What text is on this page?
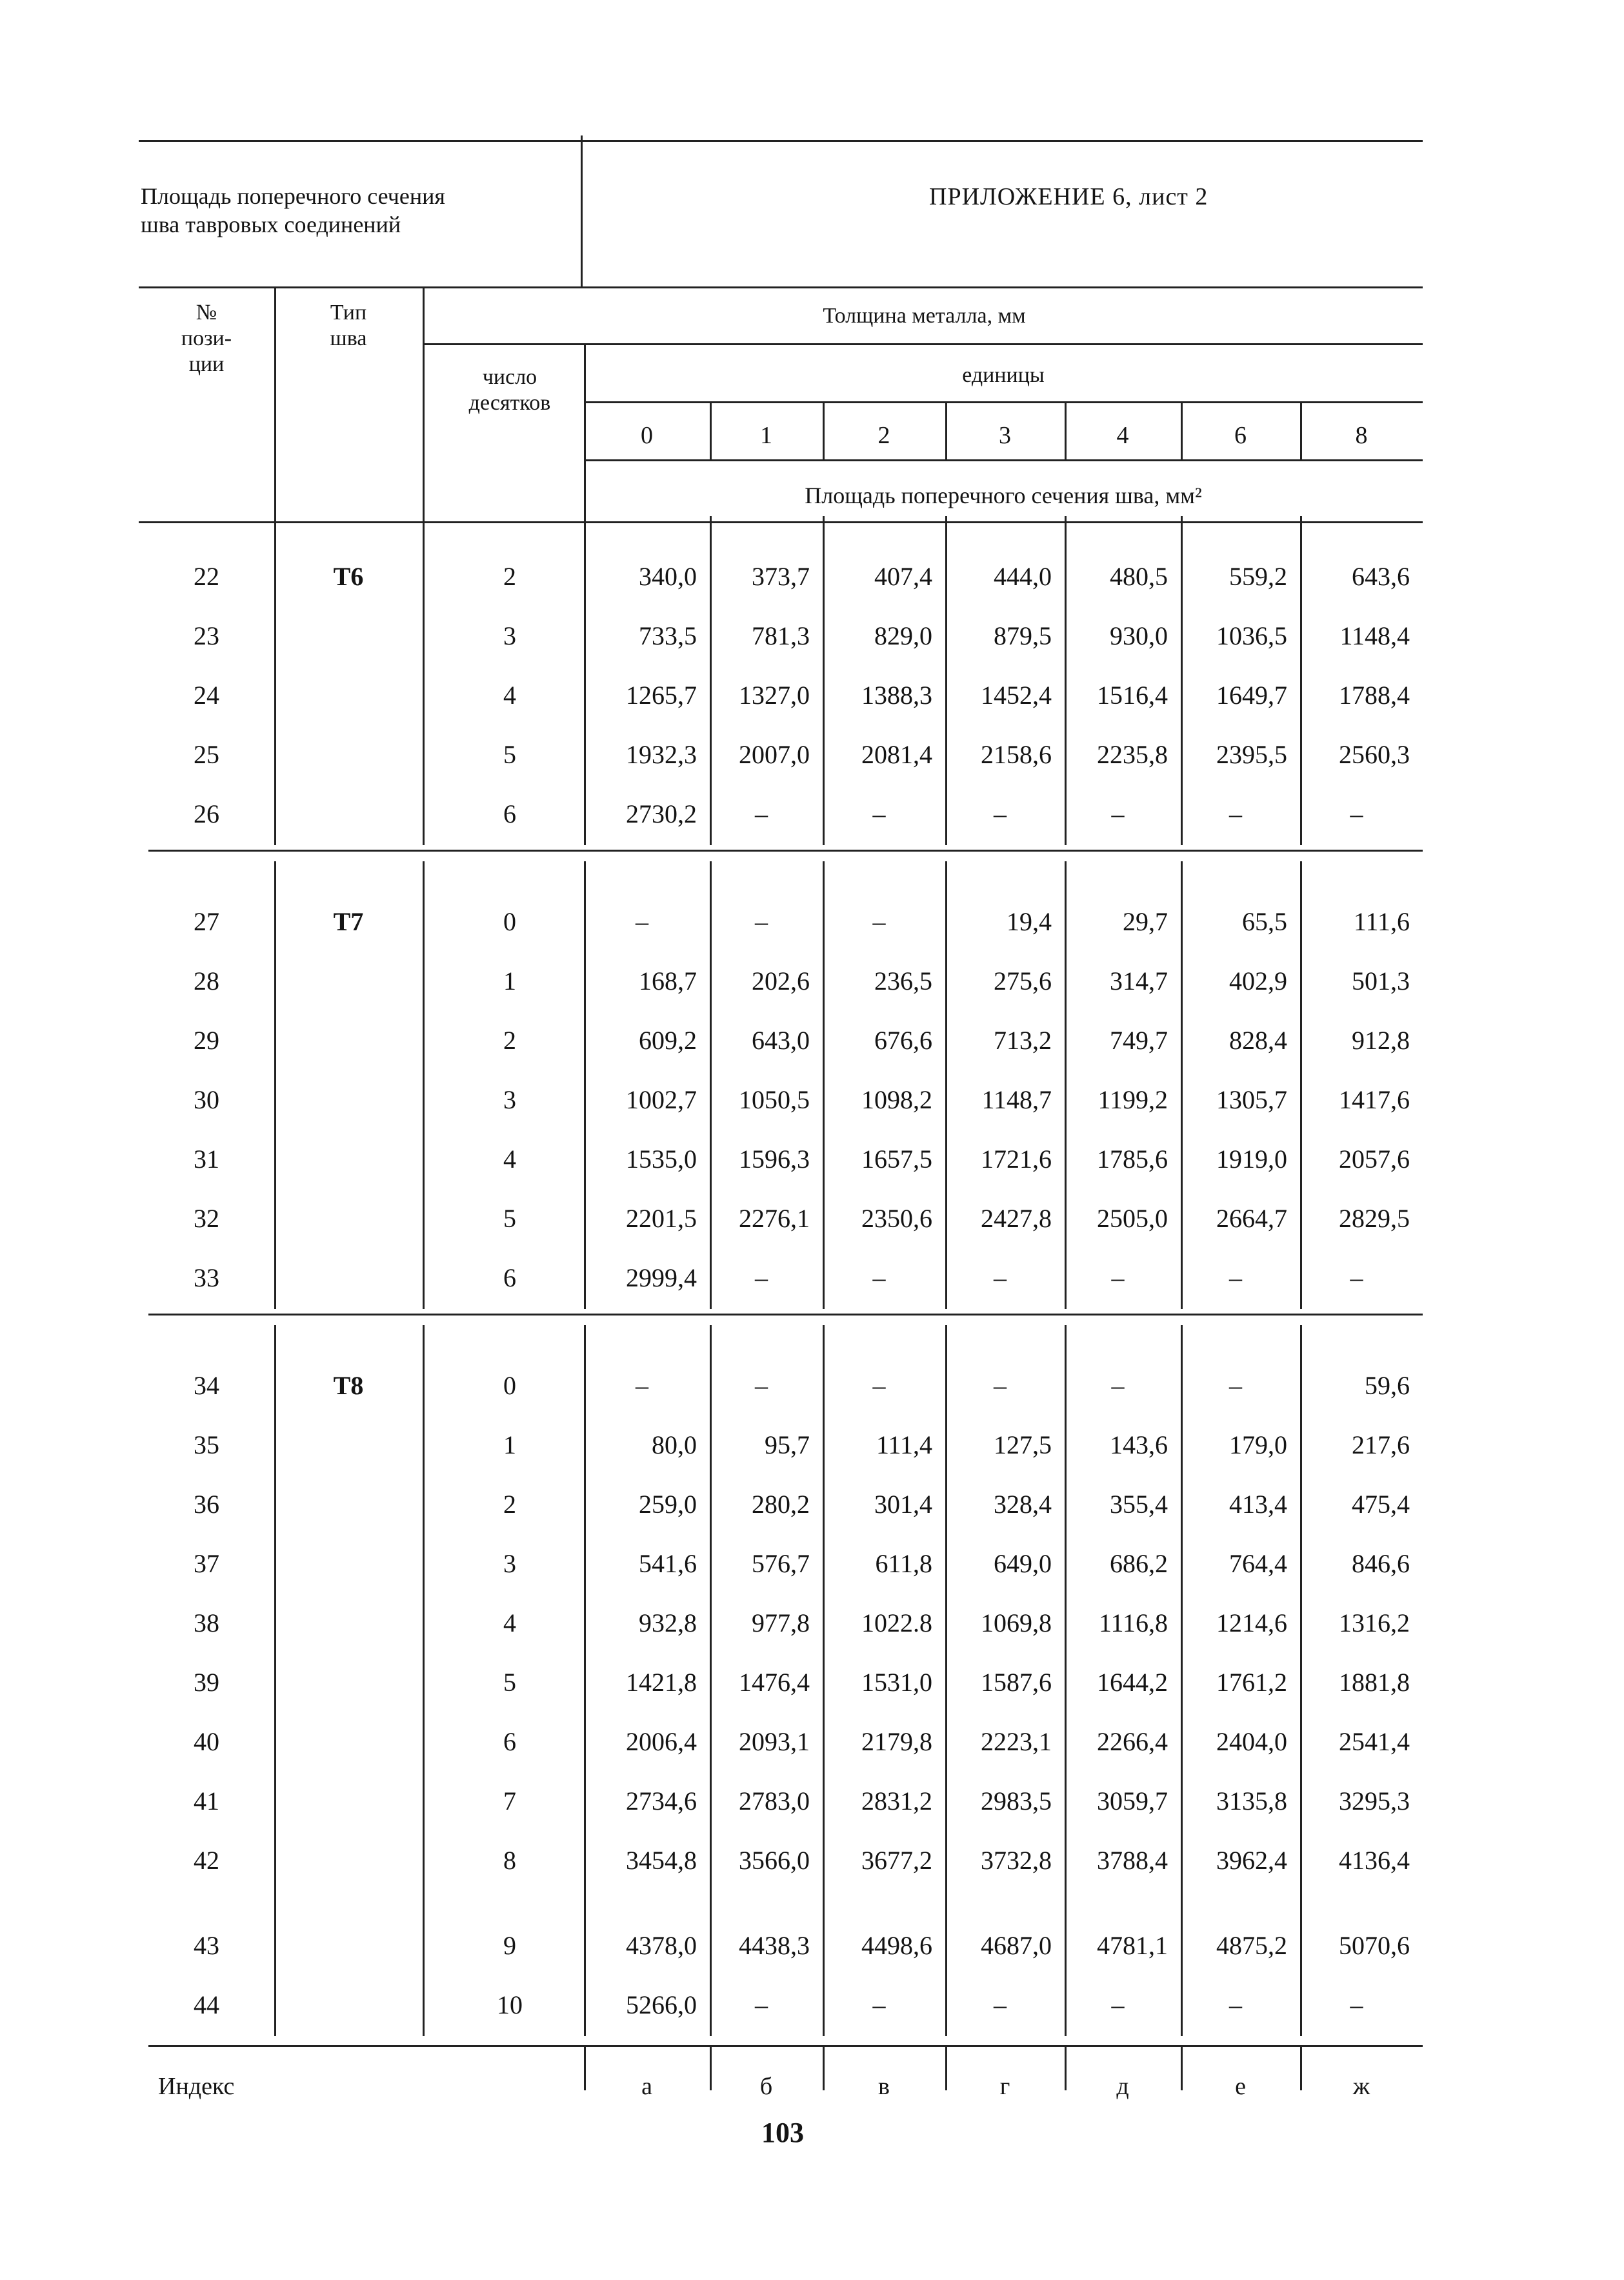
Площадь поперечного сечения
шва тавровых соединений
ПРИЛОЖЕНИЕ 6, лист 2
№
пози-
ции
Тип
шва
Толщина металла, мм
число
десятков
единицы
0	1	2	3	4	6	8
Площадь поперечного сечения шва, мм²
22	Т6	2	340,0	373,7	407,4	444,0	480,5	559,2	643,6
23	3	733,5	781,3	829,0	879,5	930,0	1036,5	1148,4
24	4	1265,7	1327,0	1388,3	1452,4	1516,4	1649,7	1788,4
25	5	1932,3	2007,0	2081,4	2158,6	2235,8	2395,5	2560,3
26	6	2730,2	–	–	–	–	–	–
27	Т7	0	–	–	–	19,4	29,7	65,5	111,6
28	1	168,7	202,6	236,5	275,6	314,7	402,9	501,3
29	2	609,2	643,0	676,6	713,2	749,7	828,4	912,8
30	3	1002,7	1050,5	1098,2	1148,7	1199,2	1305,7	1417,6
31	4	1535,0	1596,3	1657,5	1721,6	1785,6	1919,0	2057,6
32	5	2201,5	2276,1	2350,6	2427,8	2505,0	2664,7	2829,5
33	6	2999,4	–	–	–	–	–	–
34	Т8	0	–	–	–	–	–	–	59,6
35	1	80,0	95,7	111,4	127,5	143,6	179,0	217,6
36	2	259,0	280,2	301,4	328,4	355,4	413,4	475,4
37	3	541,6	576,7	611,8	649,0	686,2	764,4	846,6
38	4	932,8	977,8	1022.8	1069,8	1116,8	1214,6	1316,2
39	5	1421,8	1476,4	1531,0	1587,6	1644,2	1761,2	1881,8
40	6	2006,4	2093,1	2179,8	2223,1	2266,4	2404,0	2541,4
41	7	2734,6	2783,0	2831,2	2983,5	3059,7	3135,8	3295,3
42	8	3454,8	3566,0	3677,2	3732,8	3788,4	3962,4	4136,4
43	9	4378,0	4438,3	4498,6	4687,0	4781,1	4875,2	5070,6
44	10	5266,0	–	–	–	–	–	–
Индекс	а	б	в	г	д	е	ж
103
